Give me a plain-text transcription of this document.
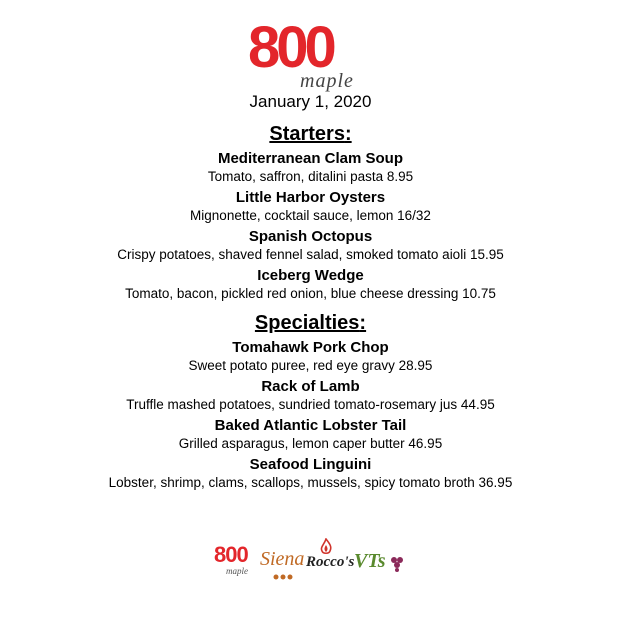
800
maple
January 1, 2020
Starters:
Mediterranean Clam Soup
Tomato, saffron, ditalini pasta 8.95
Little Harbor Oysters
Mignonette, cocktail sauce, lemon 16/32
Spanish Octopus
Crispy potatoes, shaved fennel salad, smoked tomato aioli 15.95
Iceberg Wedge
Tomato, bacon, pickled red onion, blue cheese dressing 10.75
Specialties:
Tomahawk Pork Chop
Sweet potato puree, red eye gravy 28.95
Rack of Lamb
Truffle mashed potatoes, sundried tomato-rosemary jus 44.95
Baked Atlantic Lobster Tail
Grilled asparagus, lemon caper butter 46.95
Seafood Linguini
Lobster, shrimp, clams, scallops, mussels, spicy tomato broth 36.95
800
maple
Siena Rocco's VTs
